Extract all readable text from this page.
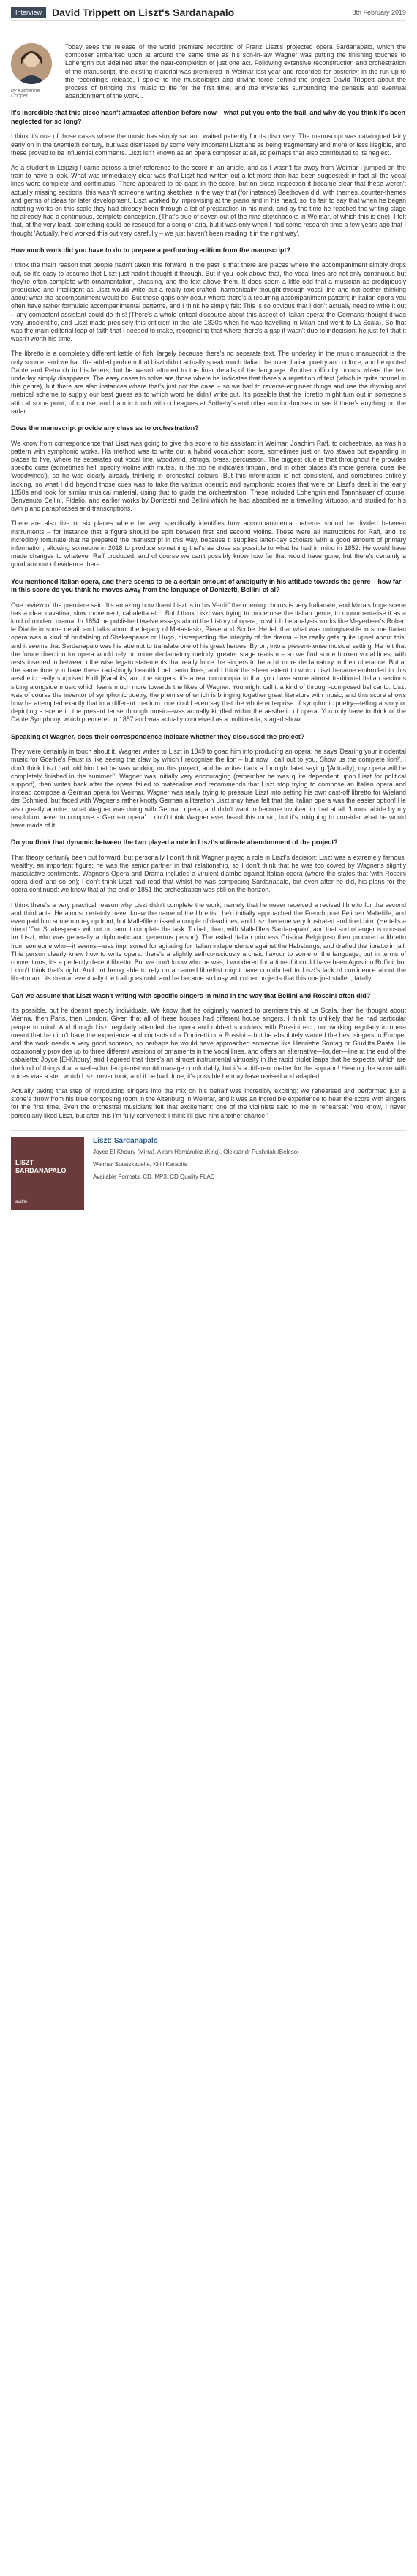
Interview	David Trippett on Liszt's Sardanapalo	8th February 2019
by Katherine Cooper

Today sees the release of the world premiere recording of Franz Liszt's projected opera Sardanapalo, which the composer embarked upon at around the same time as his son-in-law Wagner was putting the finishing touches to Lohengrin but sidelined after the near-completion of just one act. Following extensive reconstruction and orchestration of the manuscript, the existing material was premiered in Weimar last year and recorded for posterity; in the run-up to the recording's release, I spoke to the musicologist and driving force behind the project David Trippett about the process of bringing this music to life for the first time, and the mysteries surrounding the genesis and eventual abandonment of the work...

It's incredible that this piece hasn't attracted attention before now – what put you onto the trail, and why do you think it's been neglected for so long?

I think it's one of those cases where the music has simply sat and waited patiently for its discovery! The manuscript was catalogued fairly early on in the twentieth century, but was dismissed by some very important Lisztians as being fragmentary and more or less illegible, and these proved to be influential comments. Liszt isn't known as an opera composer at all, so perhaps that also contributed to its neglect.

As a student in Leipzig I came across a brief reference to the score in an article, and as I wasn't far away from Weimar I jumped on the train to have a look. What was immediately clear was that Liszt had written out a lot more than had been suggested: in fact all the vocal lines were complete and continuous. There appeared to be gaps in the score, but on close inspection it became clear that these weren't actually missing sections: this wasn't someone writing sketches in the way that (for instance) Beethoven did, with themes, counter-themes and germs of ideas for later development. Liszt worked by improvising at the piano and in his head, so it's fair to say that when he began notating works on this scale they had already been through a lot of preparation in his mind, and by the time he reached the writing stage he already had a continuous, complete conception. (That's true of seven out of the nine sketchbooks in Weimar, of which this is one). I felt that, at the very least, something could be rescued for a song or aria, but it was only when I had some research time a few years ago that I thought 'Actually, he'd worked this out very carefully – we just haven't been reading it in the right way'.

How much work did you have to do to prepare a performing edition from the manuscript?

I think the main reason that people hadn't taken this forward in the past is that there are places where the accompaniment simply drops out, so it's easy to assume that Liszt just hadn't thought it through. But if you look above that, the vocal lines are not only continuous but they're often complete with ornamentation, phrasing, and the text above them. It does seem a little odd that a musician as prodigiously productive and intelligent as Liszt would write out a really text-crafted, harmonically thought-through vocal line and not bother thinking about what the accompaniment would be. But these gaps only occur where there's a recurring accompaniment pattern; in Italian opera you often have rather formulaic accompanimental patterns, and I think he simply felt: This is so obvious that I don't actually need to write it out – any competent assistant could do this! (There's a whole critical discourse about this aspect of Italian opera: the Germans thought it was very unscientific, and Liszt made precisely this criticism in the late 1830s when he was travelling in Milan and went to La Scala). So that was the main editorial leap of faith that I needed to make, recognising that where there's a gap it wasn't due to indecision: he just felt that it wasn't worth his time.

The libretto is a completely different kettle of fish, largely because there's no separate text. The underlay in the music manuscript is the only source, and we had the added problem that Liszt didn't actually speak much Italian: he loved Italian poetry and culture, and he quoted Dante and Petrarch in his letters, but he wasn't attuned to the finer details of the language. Another difficulty occurs where the text underlay simply disappears. The easy cases to solve are those where he indicates that there's a repetition of text (which is quite normal in this genre), but there are also instances where that's just not the case – so we had to reverse-engineer things and use the rhyming and metrical scheme to supply our best guess as to which word he didn't write out. It's possible that the libretto might turn out in someone's attic at some point, of course, and I am in touch with colleagues at Sotheby's and other auction-houses to see if there's anything on the radar...

Does the manuscript provide any clues as to orchestration?

We know from correspondence that Liszt was going to give this score to his assistant in Weimar, Joachim Raff, to orchestrate, as was his pattern with symphonic works. His method was to write out a hybrid vocal/short score, sometimes just on two staves but expanding in places to five, where he separates out vocal line, woodwind, strings, brass, percussion. The biggest clue is that throughout he provides specific cues (sometimes he'll specify violins with mutes, in the trio he indicates timpani, and in other places it's more general cues like 'woodwinds'), so he was clearly already thinking in orchestral colours. But this information is not consistent, and sometimes entirely lacking, so what I did beyond those cues was to take the various operatic and symphonic scores that were on Liszt's desk in the early 1850s and look for similar musical material, using that to guide the orchestration. These included Lohengrin and Tannhäuser of course, Benvenuto Cellini, Fidelio, and earlier works by Donizetti and Bellini which he had absorbed as a travelling virtuoso, and studied for his own piano paraphrases and transcriptions.

There are also five or six places where he very specifically identifies how accompanimental patterns should be divided between instruments – for instance that a figure should be split between first and second violins. These were all instructions for Raff, and it's incredibly fortunate that he prepared the manuscript in this way, because it supplies latter-day scholars with a good amount of primary information, allowing someone in 2018 to produce something that's as close as possible to what he had in mind in 1852. He would have made changes to whatever Raff produced, and of course we can't possibly know how far that would have gone, but there's certainly a good amount of evidence there.

You mentioned Italian opera, and there seems to be a certain amount of ambiguity in his attitude towards the genre – how far in this score do you think he moves away from the language of Donizetti, Bellini et al?

One review of the premiere said 'It's amazing how fluent Liszt is in his Verdi!' the opening chorus is very Italianate, and Mirra's huge scene has a clear cavatina, slow movement, cabaletta etc.. But I think Liszt was trying to modernise the Italian genre, to monumentalise it as a kind of modern drama. In 1854 he published twelve essays about the history of opera, in which he analysis works like Meyerbeer's Robert le Diable in some detail, and talks about the legacy of Metastasio, Piave and Scribe. He felt that what was unforgiveable in some Italian opera was a kind of brutalising of Shakespeare or Hugo, disrespecting the integrity of the drama – he really gets quite upset about this, and it seems that Sardanapalo was his attempt to translate one of his great heroes, Byron, into a present-tense musical setting. He felt that the future direction for opera would rely on more declamatory melody, greater stage realism – so we find some broken vocal lines, with rests inserted in between otherwise legato statements that really force the singers to be a bit more declamatory in their utterance. But at the same time you have these ravishingly beautiful bel canto lines, and I think the sheer extent to which Liszt became embroiled in this aesthetic really surprised Kirill [Karabits] and the singers: it's a real cornucopia in that you have some almost traditional Italian sections sitting alongside music which leans much more towards the likes of Wagner. You might call it a kind of through-composed bel canto. Liszt was of course the inventor of symphonic poetry, the premise of which is bringing together great literature with music, and this score shows how he attempted exactly that in a different medium: one could even say that the whole enterprise of symphonic poetry—telling a story or depicting a scene in the present tense through music—was actually kindled within the aesthetic of opera. You only have to think of the Dante Symphony, which premiered in 1857 and was actually conceived as a multimedia, staged show.

Speaking of Wagner, does their correspondence indicate whether they discussed the project?

They were certainly in touch about it. Wagner writes to Liszt in 1849 to goad him into producing an opera: he says 'Dearing your incidental music for Goethe's Faust is like seeing the claw by which I recognise the lion – but now I call out to you, Show us the complete lion!'. I don't think Liszt had told him that he was working on this project, and he writes back a fortnight later saying '[Actually], my opera will be completely finished in the summer!'. Wagner was initially very encouraging (remember he was quite dependent upon Liszt for political support), then writes back after the opera failed to materialise and recommends that Liszt stop trying to compose an Italian opera and instead compose a German opera for Weimar. Wagner was really trying to pressure Liszt into setting his own cast-off libretto for Wieland der Schmied, but faced with Wagner's rather knotty German alliteration Liszt may have felt that the Italian opera was the easier option! He also greatly admired what Wagner was doing with German opera, and didn't want to become involved in that at all: 'I must abide by my resolution never to compose a German opera'. I don't think Wagner ever heard this music, but it's intriguing to consider what he would have made of it.

Do you think that dynamic between the two played a role in Liszt's ultimate abandonment of the project?

That theory certainly been put forward, but personally I don't think Wagner played a role in Liszt's decision: Liszt was a extremely famous, wealthy, an important figure; he was the senior partner in that relationship, so I don't think that he was too cowed by Wagner's slightly masculative sentiments. Wagner's Opera and Drama included a virulent diatribe against Italian opera (where the states that 'with Rossini opera died' and so on); I don't think Liszt had read that whilst he was composing Sardanapalo, but even after he did, his plans for the opera continued: we know that at the end of 1851 the orchestration was still on the horizon.

I think there's a very practical reason why Liszt didn't complete the work, namely that he never received a revised libretto for the second and third acts. He almost certainly never knew the name of the librettist; he'd initially approached the French poet Félicien Mallefille, and even paid him some money up front, but Mallefille missed a couple of deadlines, and Liszt became very frustrated and fired him. (He tells a friend 'Our Shakespeare will not or cannot complete the task. To hell, then, with Mallefille's Sardanapalo', and that sort of anger is unusual for Liszt, who was generally a diplomatic and generous person). The exiled Italian princess Cristina Belgiojoso then procured a libretto from someone who—it seems—was imprisoned for agitating for Italian independence against the Habsburgs, and drafted the libretto in jail. This person clearly knew how to write opera: there's a slightly self-consciously archaic flavour to some of the language, but in terms of conventions, it's a perfectly decent libretto. But we don't know who he was; I wondered for a time if it could have been Agostino Ruffini, but I don't think that's right. And not being able to rely on a named librettist might have contributed to Liszt's lack of confidence about the libretto and its drama; eventually the trail goes cold, and he became so busy with other projects that this one just stalled, fatally.

Can we assume that Liszt wasn't writing with specific singers in mind in the way that Bellini and Rossini often did?

It's possible, but he doesn't specify individuals. We know that he originally wanted to premiere this at La Scala, then he thought about Vienna, then Paris, then London. Given that all of these houses had different house singers, I think it's unlikely that he had particular people in mind. And though Liszt regularly attended the opera and rubbed shoulders with Rossini etc., not working regularly in opera meant that he didn't have the experience and contacts of a Donizetti or a Rossini – but he absolutely wanted the best singers in Europe, and the work needs a very good soprano, so perhaps he would have approached someone like Henriette Sontag or Giuditta Pasta. He occasionally provides up to three different versions of ornaments in the vocal lines, and offers an alternative—louder—line at the end of the cabaletta: Joyce [El-Khoury] and I agreed that there's an almost instrumental virtuosity in the rapid triplet leaps that he expects, which are the kind of things that a well-schooled pianist would manage comfortably, but it's a different matter for the soprano! Hearing the score with voices was a step which Liszt never took, and if he had done, it's possible he may have revised and adapted.

Actually taking that step of introducing singers into the mix on his behalf was incredibly exciting: we rehearsed and performed just a stone's throw from his blue composing room in the Altenburg in Weimar, and it was an incredible experience to hear the score with singers for the first time. Even the orchestral musicians felt that excitement: one of the violinists said to me in rehearsal: 'You know, I never particularly liked Liszt, but after this I'm fully converted: I think I'll give him another chance!'

LISZT SARDANAPALO
audite
Liszt: Sardanapalo
Joyce El-Khoury (Mirra), Airam Hernández (King), Oleksandr Pushniak (Beleso)
Weimar Staatskapelle, Kirill Karabits
Available Formats: CD, MP3, CD Quality FLAC
